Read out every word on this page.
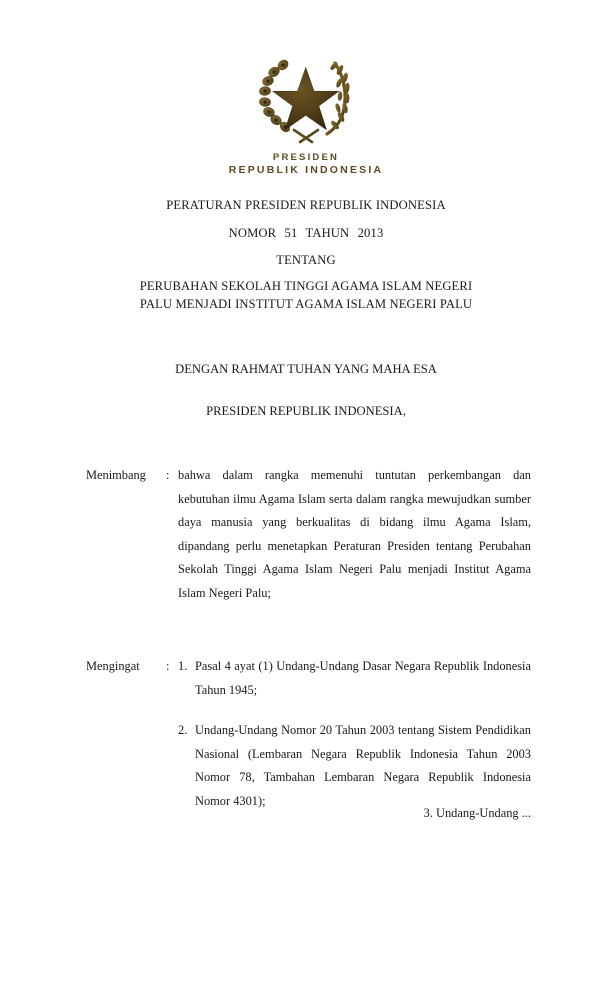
PRESIDEN
REPUBLIK INDONESIA
PERATURAN PRESIDEN REPUBLIK INDONESIA
NOMOR 51 TAHUN 2013
TENTANG
PERUBAHAN SEKOLAH TINGGI AGAMA ISLAM NEGERI
PALU MENJADI INSTITUT AGAMA ISLAM NEGERI PALU
DENGAN RAHMAT TUHAN YANG MAHA ESA
PRESIDEN REPUBLIK INDONESIA,
Menimbang	: bahwa dalam rangka memenuhi tuntutan perkembangan dan kebutuhan ilmu Agama Islam serta dalam rangka mewujudkan sumber daya manusia yang berkualitas di bidang ilmu Agama Islam, dipandang perlu menetapkan Peraturan Presiden tentang Perubahan Sekolah Tinggi Agama Islam Negeri Palu menjadi Institut Agama Islam Negeri Palu;

Mengingat	: 1. Pasal 4 ayat (1) Undang-Undang Dasar Negara Republik Indonesia Tahun 1945;
2. Undang-Undang Nomor 20 Tahun 2003 tentang Sistem Pendidikan Nasional (Lembaran Negara Republik Indonesia Tahun 2003 Nomor 78, Tambahan Lembaran Negara Republik Indonesia Nomor 4301);
3. Undang-Undang ...
